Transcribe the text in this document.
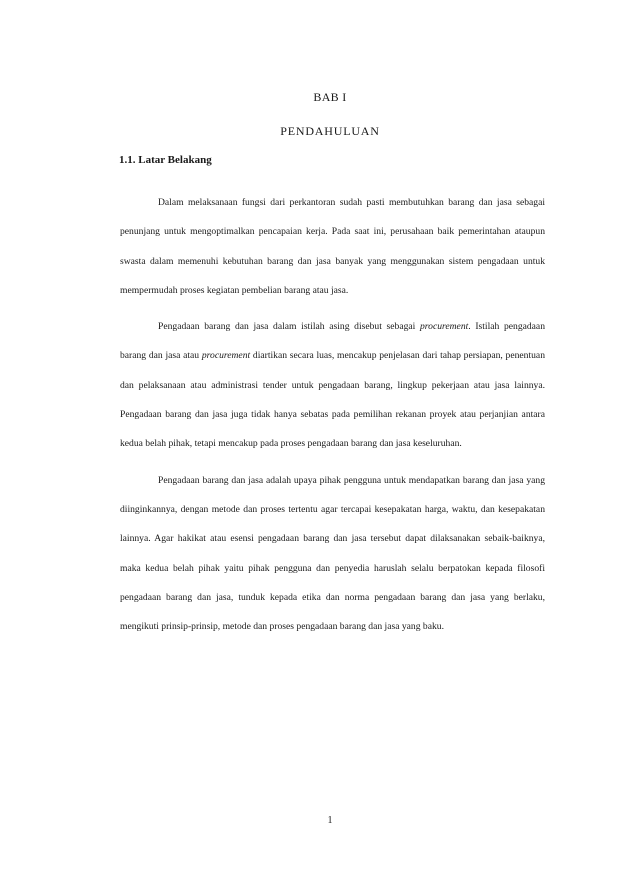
BAB I
PENDAHULUAN
1.1. Latar Belakang

Dalam melaksanaan fungsi dari perkantoran sudah pasti membutuhkan barang dan jasa sebagai penunjang untuk mengoptimalkan pencapaian kerja. Pada saat ini, perusahaan baik pemerintahan ataupun swasta dalam memenuhi kebutuhan barang dan jasa banyak yang menggunakan sistem pengadaan untuk mempermudah proses kegiatan pembelian barang atau jasa.

Pengadaan barang dan jasa dalam istilah asing disebut sebagai procurement. Istilah pengadaan barang dan jasa atau procurement diartikan secara luas, mencakup penjelasan dari tahap persiapan, penentuan dan pelaksanaan atau administrasi tender untuk pengadaan barang, lingkup pekerjaan atau jasa lainnya. Pengadaan barang dan jasa juga tidak hanya sebatas pada pemilihan rekanan proyek atau perjanjian antara kedua belah pihak, tetapi mencakup pada proses pengadaan barang dan jasa keseluruhan.

Pengadaan barang dan jasa adalah upaya pihak pengguna untuk mendapatkan barang dan jasa yang diinginkannya, dengan metode dan proses tertentu agar tercapai kesepakatan harga, waktu, dan kesepakatan lainnya. Agar hakikat atau esensi pengadaan barang dan jasa tersebut dapat dilaksanakan sebaik-baiknya, maka kedua belah pihak yaitu pihak pengguna dan penyedia haruslah selalu berpatokan kepada filosofi pengadaan barang dan jasa, tunduk kepada etika dan norma pengadaan barang dan jasa yang berlaku, mengikuti prinsip-prinsip, metode dan proses pengadaan barang dan jasa yang baku.

1
